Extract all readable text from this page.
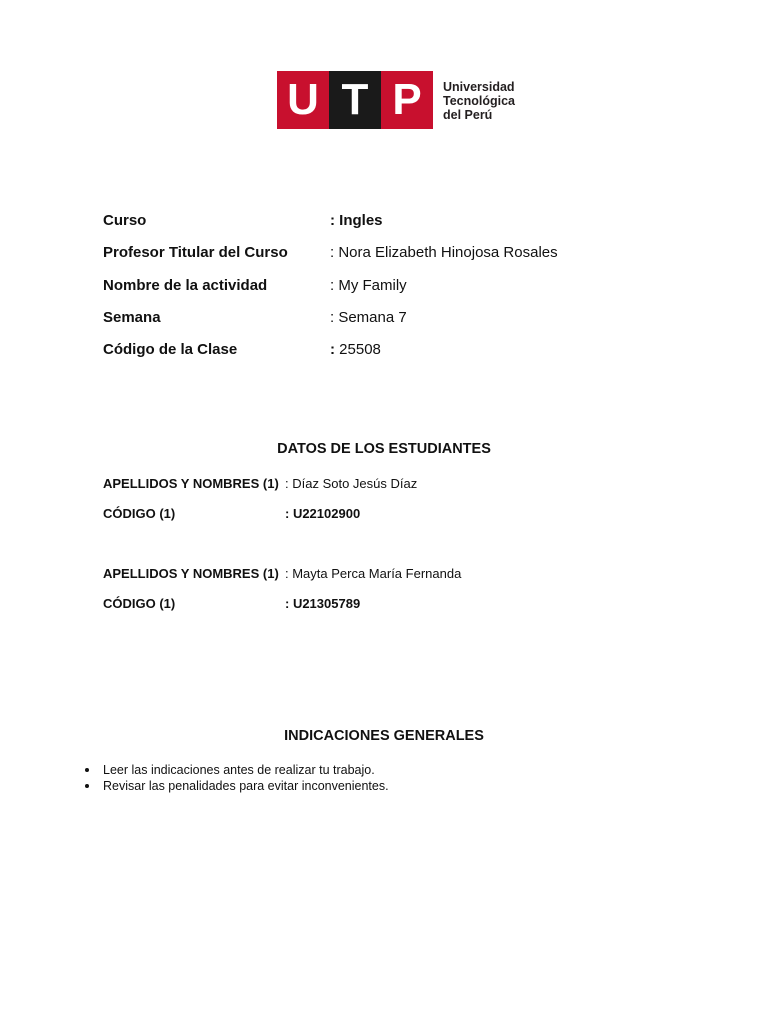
U T P	Universidad
Tecnológica
del Perú
Curso	: Ingles
Profesor Titular del Curso	: Nora Elizabeth Hinojosa Rosales
Nombre de la actividad	: My Family
Semana	: Semana 7
Código de la Clase	: 25508
DATOS DE LOS ESTUDIANTES
APELLIDOS Y NOMBRES (1) : Díaz Soto Jesús Díaz
CÓDIGO (1)	: U22102900
APELLIDOS Y NOMBRES (1) : Mayta Perca María Fernanda
CÓDIGO (1)	: U21305789
INDICACIONES GENERALES
Leer las indicaciones antes de realizar tu trabajo.
Revisar las penalidades para evitar inconvenientes.
